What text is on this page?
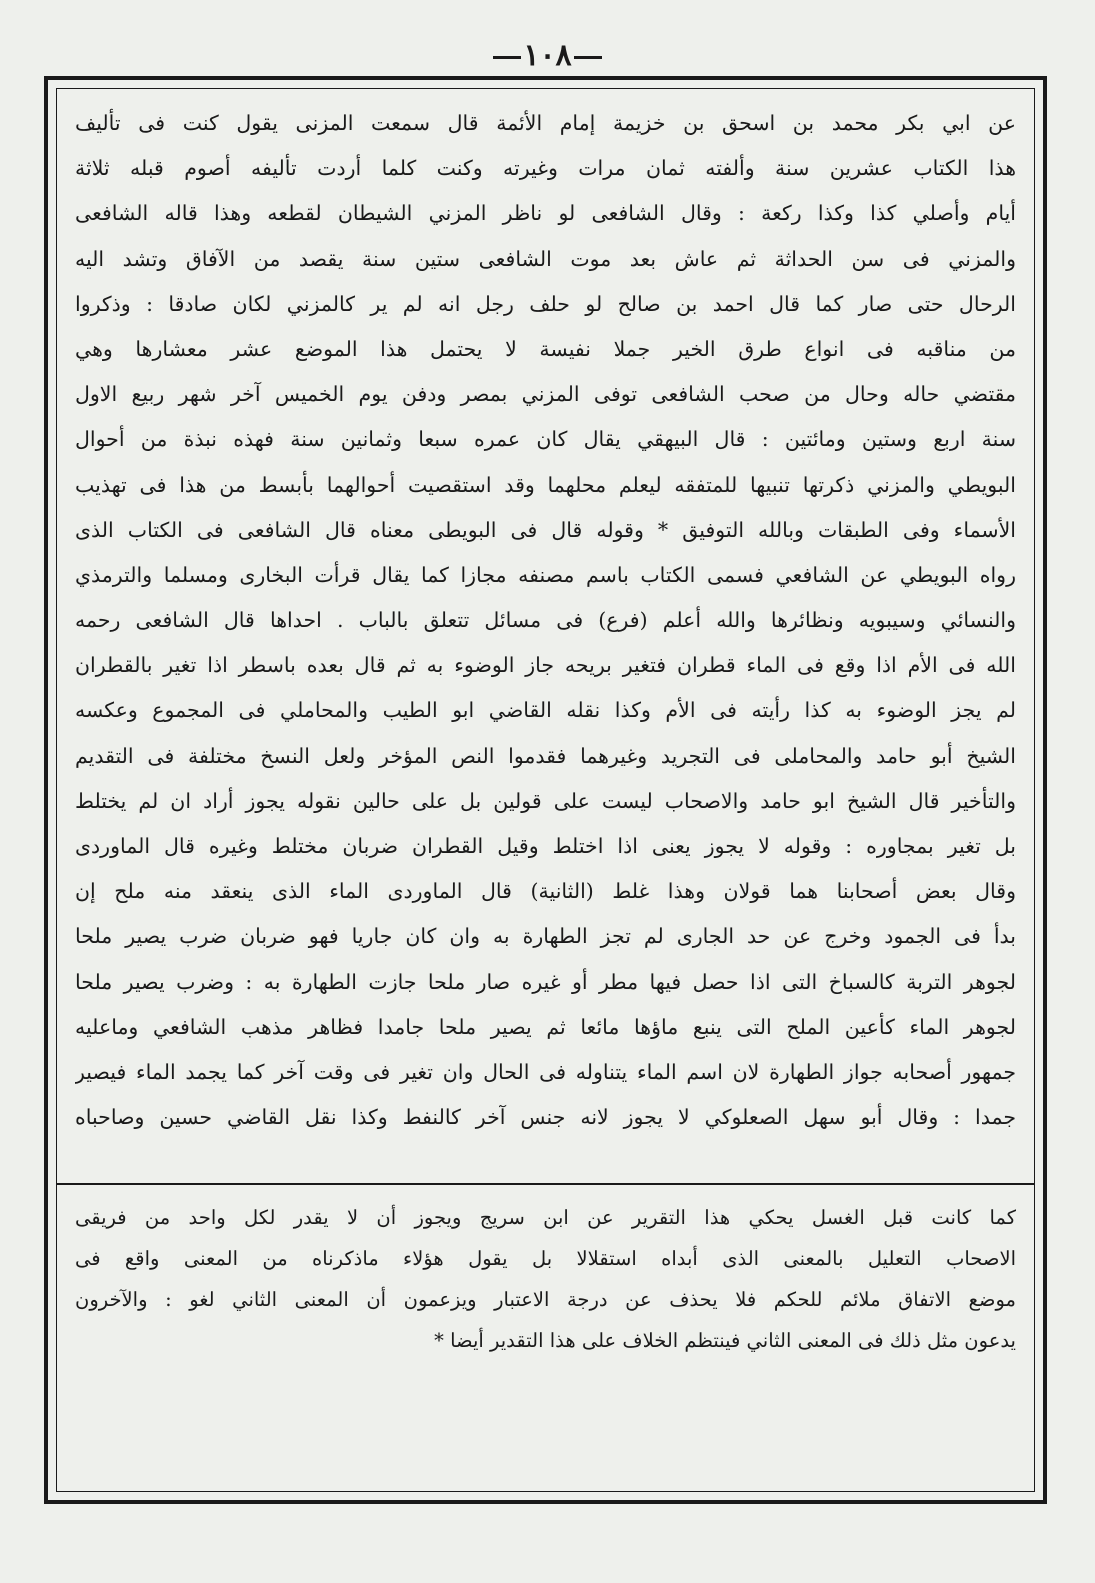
١٠٨
عن ابي بكر محمد بن اسحق بن خزيمة إمام الأئمة قال سمعت المزنى يقول كنت فى تأليف
هذا الكتاب عشرين سنة وألفته ثمان مرات وغيرته وكنت كلما أردت تأليفه أصوم قبله ثلاثة
أيام وأصلي كذا وكذا ركعة : وقال الشافعى لو ناظر المزني الشيطان لقطعه وهذا قاله الشافعى
والمزني فى سن الحداثة ثم عاش بعد موت الشافعى ستين سنة يقصد من الآفاق وتشد اليه
الرحال حتى صار كما قال احمد بن صالح لو حلف رجل انه لم ير كالمزني لكان صادقا : وذكروا
من مناقبه فى انواع طرق الخير جملا نفيسة لا يحتمل هذا الموضع عشر معشارها وهي
مقتضي حاله وحال من صحب الشافعى توفى المزني بمصر ودفن يوم الخميس آخر شهر ربيع الاول
سنة اربع وستين ومائتين : قال البيهقي يقال كان عمره سبعا وثمانين سنة فهذه نبذة من أحوال
البويطي والمزني ذكرتها تنبيها للمتفقه ليعلم محلهما وقد استقصيت أحوالهما بأبسط من هذا فى تهذيب
الأسماء وفى الطبقات وبالله التوفيق * وقوله قال فى البويطى معناه قال الشافعى فى الكتاب الذى
رواه البويطي عن الشافعي فسمى الكتاب باسم مصنفه مجازا كما يقال قرأت البخارى ومسلما والترمذي
والنسائي وسيبويه ونظائرها والله أعلم (فرع) فى مسائل تتعلق بالباب . احداها قال الشافعى رحمه
الله فى الأم اذا وقع فى الماء قطران فتغير بريحه جاز الوضوء به ثم قال بعده باسطر اذا تغير بالقطران
لم يجز الوضوء به كذا رأيته فى الأم وكذا نقله القاضي ابو الطيب والمحاملي فى المجموع وعكسه
الشيخ أبو حامد والمحاملى فى التجريد وغيرهما فقدموا النص المؤخر ولعل النسخ مختلفة فى التقديم
والتأخير قال الشيخ ابو حامد والاصحاب ليست على قولين بل على حالين نقوله يجوز أراد ان لم يختلط
بل تغير بمجاوره : وقوله لا يجوز يعنى اذا اختلط وقيل القطران ضربان مختلط وغيره قال الماوردى
وقال بعض أصحابنا هما قولان وهذا غلط (الثانية) قال الماوردى الماء الذى ينعقد منه ملح إن
بدأ فى الجمود وخرج عن حد الجارى لم تجز الطهارة به وان كان جاريا فهو ضربان ضرب يصير ملحا
لجوهر التربة كالسباخ التى اذا حصل فيها مطر أو غيره صار ملحا جازت الطهارة به : وضرب يصير ملحا
لجوهر الماء كأعين الملح التى ينبع ماؤها مائعا ثم يصير ملحا جامدا فظاهر مذهب الشافعي وماعليه
جمهور أصحابه جواز الطهارة لان اسم الماء يتناوله فى الحال وان تغير فى وقت آخر كما يجمد الماء فيصير
جمدا : وقال أبو سهل الصعلوكي لا يجوز لانه جنس آخر كالنفط وكذا نقل القاضي حسين وصاحباه
كما كانت قبل الغسل يحكي هذا التقرير عن ابن سريج ويجوز أن لا يقدر لكل واحد من فريقى
الاصحاب التعليل بالمعنى الذى أبداه استقلالا بل يقول هؤلاء ماذكرناه من المعنى واقع فى
موضع الاتفاق ملائم للحكم فلا يحذف عن درجة الاعتبار ويزعمون أن المعنى الثاني لغو : والآخرون
يدعون مثل ذلك فى المعنى الثاني فينتظم الخلاف على هذا التقدير أيضا *
